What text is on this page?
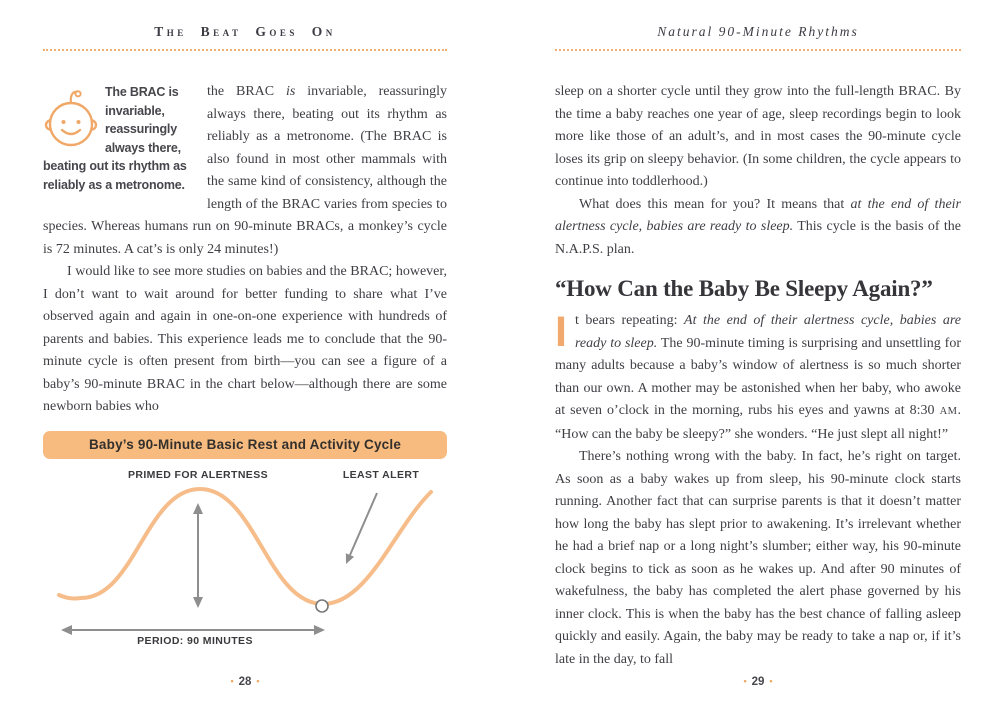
The Beat Goes On
The BRAC is invariable, reassuringly always there, beating out its rhythm as reliably as a metronome.

the BRAC is invariable, reassuringly always there, beating out its rhythm as reliably as a metronome. (The BRAC is also found in most other mammals with the same kind of consistency, although the length of the BRAC varies from species to species. Whereas humans run on 90-minute BRACs, a monkey’s cycle is 72 minutes. A cat’s is only 24 minutes!)

I would like to see more studies on babies and the BRAC; however, I don’t want to wait around for better funding to share what I’ve observed again and again in one-on-one experience with hundreds of parents and babies. This experience leads me to conclude that the 90-minute cycle is often present from birth—you can see a figure of a baby’s 90-minute BRAC in the chart below—although there are some newborn babies who

Baby’s 90-Minute Basic Rest and Activity Cycle
PRIMED FOR ALERTNESS	LEAST ALERT
PERIOD: 90 MINUTES
• 28 •
Natural 90-Minute Rhythms

sleep on a shorter cycle until they grow into the full-length BRAC. By the time a baby reaches one year of age, sleep recordings begin to look more like those of an adult’s, and in most cases the 90-minute cycle loses its grip on sleepy behavior. (In some children, the cycle appears to continue into toddlerhood.)

What does this mean for you? It means that at the end of their alertness cycle, babies are ready to sleep. This cycle is the basis of the N.A.P.S. plan.

“How Can the Baby Be Sleepy Again?”

It bears repeating: At the end of their alertness cycle, babies are ready to sleep. The 90-minute timing is surprising and unsettling for many adults because a baby’s window of alertness is so much shorter than our own. A mother may be astonished when her baby, who awoke at seven o’clock in the morning, rubs his eyes and yawns at 8:30 AM. “How can the baby be sleepy?” she wonders. “He just slept all night!”

There’s nothing wrong with the baby. In fact, he’s right on target. As soon as a baby wakes up from sleep, his 90-minute clock starts running. Another fact that can surprise parents is that it doesn’t matter how long the baby has slept prior to awakening. It’s irrelevant whether he had a brief nap or a long night’s slumber; either way, his 90-minute clock begins to tick as soon as he wakes up. And after 90 minutes of wakefulness, the baby has completed the alert phase governed by his inner clock. This is when the baby has the best chance of falling asleep quickly and easily. Again, the baby may be ready to take a nap or, if it’s late in the day, to fall

• 29 •
